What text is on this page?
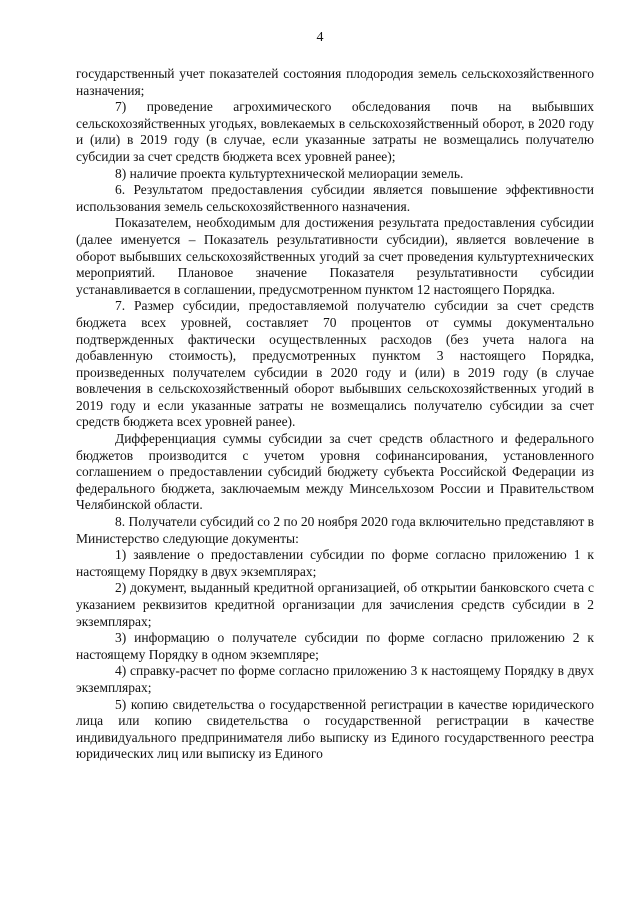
4

государственный учет показателей состояния плодородия земель сельскохозяйственного назначения;

7) проведение агрохимического обследования почв на выбывших сельскохозяйственных угодьях, вовлекаемых в сельскохозяйственный оборот, в 2020 году и (или) в 2019 году (в случае, если указанные затраты не возмещались получателю субсидии за счет средств бюджета всех уровней ранее);

8) наличие проекта культуртехнической мелиорации земель.

6. Результатом предоставления субсидии является повышение эффективности использования земель сельскохозяйственного назначения.

Показателем, необходимым для достижения результата предоставления субсидии (далее именуется – Показатель результативности субсидии), является вовлечение в оборот выбывших сельскохозяйственных угодий за счет проведения культуртехнических мероприятий. Плановое значение Показателя результативности субсидии устанавливается в соглашении, предусмотренном пунктом 12 настоящего Порядка.

7. Размер субсидии, предоставляемой получателю субсидии за счет средств бюджета всех уровней, составляет 70 процентов от суммы документально подтвержденных фактически осуществленных расходов (без учета налога на добавленную стоимость), предусмотренных пунктом 3 настоящего Порядка, произведенных получателем субсидии в 2020 году и (или) в 2019 году (в случае вовлечения в сельскохозяйственный оборот выбывших сельскохозяйственных угодий в 2019 году и если указанные затраты не возмещались получателю субсидии за счет средств бюджета всех уровней ранее).

Дифференциация суммы субсидии за счет средств областного и федерального бюджетов производится с учетом уровня софинансирования, установленного соглашением о предоставлении субсидий бюджету субъекта Российской Федерации из федерального бюджета, заключаемым между Минсельхозом России и Правительством Челябинской области.

8. Получатели субсидий со 2 по 20 ноября 2020 года включительно представляют в Министерство следующие документы:

1) заявление о предоставлении субсидии по форме согласно приложению 1 к настоящему Порядку в двух экземплярах;

2) документ, выданный кредитной организацией, об открытии банковского счета с указанием реквизитов кредитной организации для зачисления средств субсидии в 2 экземплярах;

3) информацию о получателе субсидии по форме согласно приложению 2 к настоящему Порядку в одном экземпляре;

4) справку-расчет по форме согласно приложению 3 к настоящему Порядку в двух экземплярах;

5) копию свидетельства о государственной регистрации в качестве юридического лица или копию свидетельства о государственной регистрации в качестве индивидуального предпринимателя либо выписку из Единого государственного реестра юридических лиц или выписку из Единого
